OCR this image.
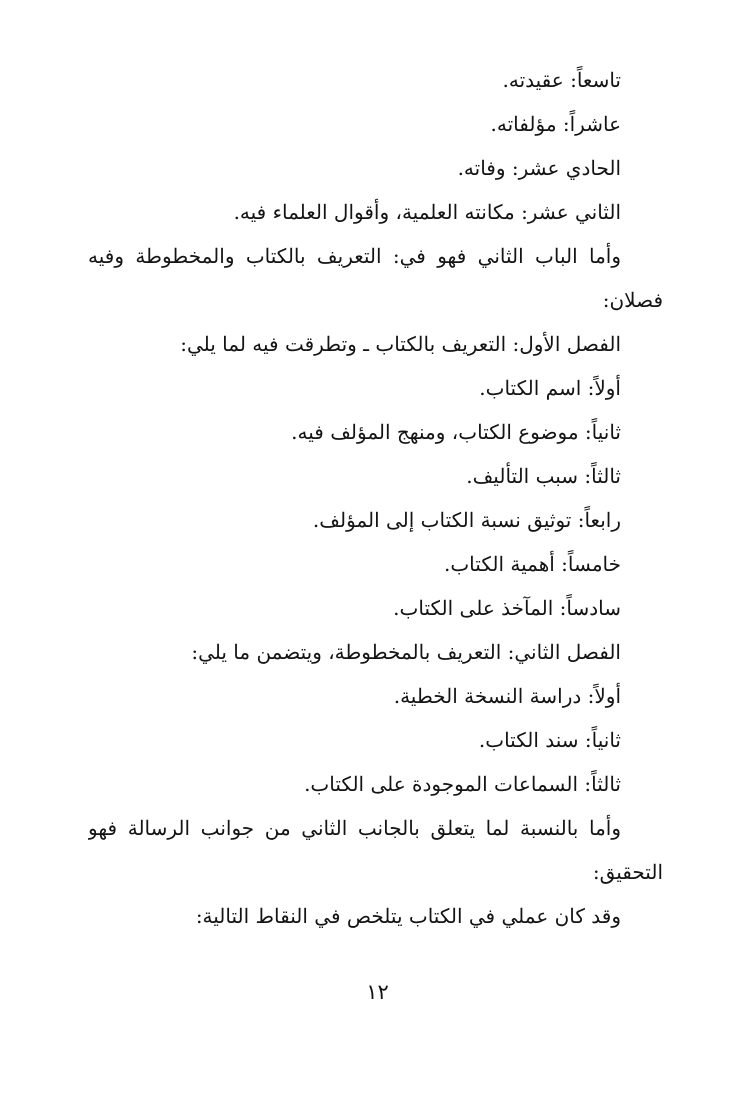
تاسعاً: عقيدته.

عاشراً: مؤلفاته.

الحادي عشر: وفاته.

الثاني عشر: مكانته العلمية، وأقوال العلماء فيه.

وأما الباب الثاني فهو في: التعريف بالكتاب والمخطوطة وفيه

فصلان:

الفصل الأول: التعريف بالكتاب ـ وتطرقت فيه لما يلي:

أولاً: اسم الكتاب.

ثانياً: موضوع الكتاب، ومنهج المؤلف فيه.

ثالثاً: سبب التأليف.

رابعاً: توثيق نسبة الكتاب إلى المؤلف.

خامساً: أهمية الكتاب.

سادساً: المآخذ على الكتاب.

الفصل الثاني: التعريف بالمخطوطة، ويتضمن ما يلي:

أولاً: دراسة النسخة الخطية.

ثانياً: سند الكتاب.

ثالثاً: السماعات الموجودة على الكتاب.

وأما بالنسبة لما يتعلق بالجانب الثاني من جوانب الرسالة فهو

التحقيق:

وقد كان عملي في الكتاب يتلخص في النقاط التالية:

١٢
